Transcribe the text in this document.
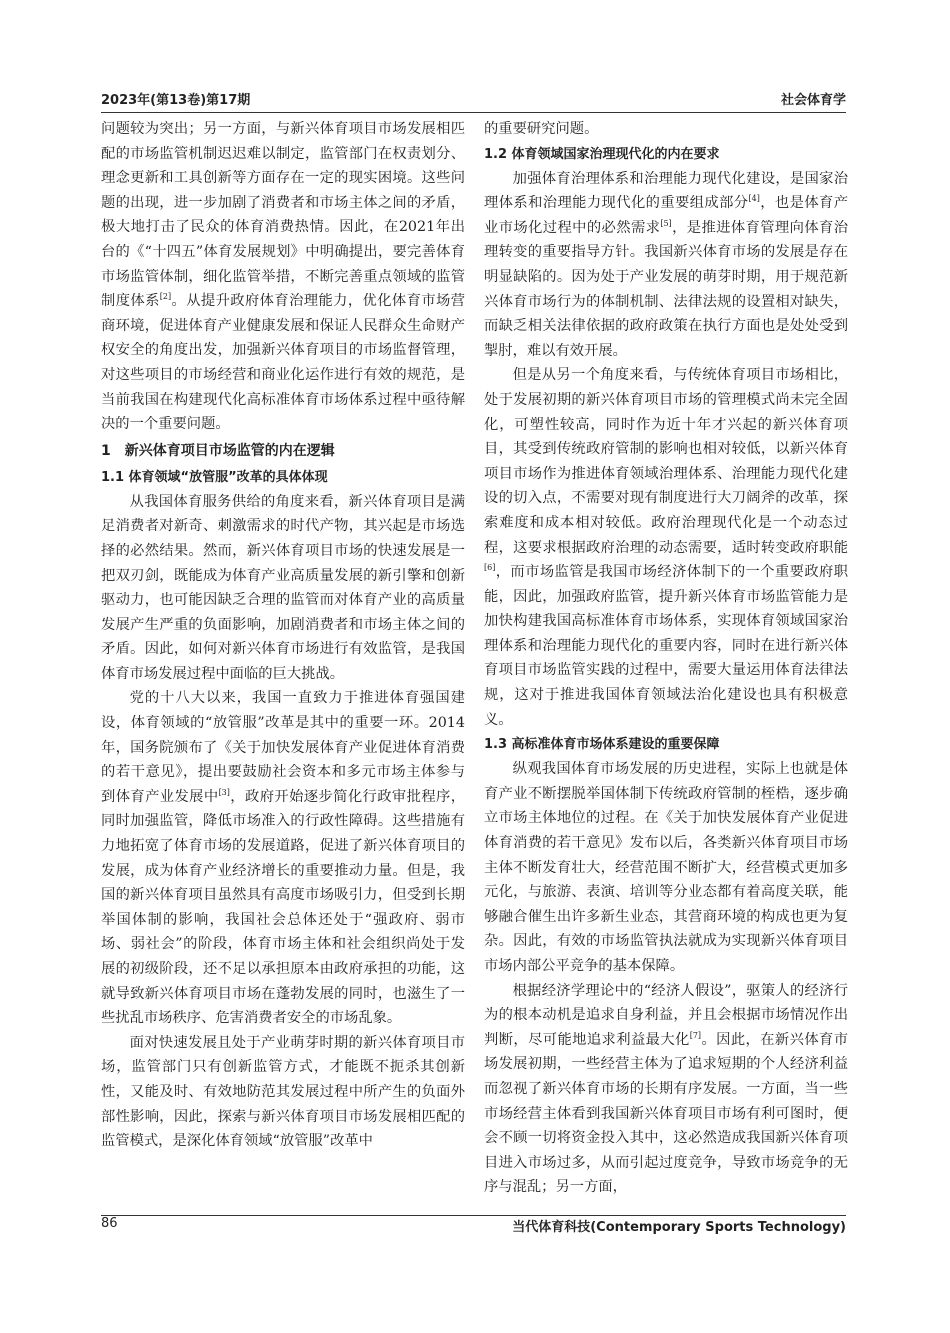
2023年(第13卷)第17期	社会体育学

问题较为突出；另一方面，与新兴体育项目市场发展相匹配的市场监管机制迟迟难以制定，监管部门在权责划分、理念更新和工具创新等方面存在一定的现实困境。这些问题的出现，进一步加剧了消费者和市场主体之间的矛盾，极大地打击了民众的体育消费热情。因此，在2021年出台的《“十四五”体育发展规划》中明确提出，要完善体育市场监管体制，细化监管举措，不断完善重点领域的监管制度体系[2]。从提升政府体育治理能力，优化体育市场营商环境，促进体育产业健康发展和保证人民群众生命财产权安全的角度出发，加强新兴体育项目的市场监督管理，对这些项目的市场经营和商业化运作进行有效的规范，是当前我国在构建现代化高标准体育市场体系过程中亟待解决的一个重要问题。

1　新兴体育项目市场监管的内在逻辑
1.1 体育领域“放管服”改革的具体体现

从我国体育服务供给的角度来看，新兴体育项目是满足消费者对新奇、刺激需求的时代产物，其兴起是市场选择的必然结果。然而，新兴体育项目市场的快速发展是一把双刃剑，既能成为体育产业高质量发展的新引擎和创新驱动力，也可能因缺乏合理的监管而对体育产业的高质量发展产生严重的负面影响，加剧消费者和市场主体之间的矛盾。因此，如何对新兴体育市场进行有效监管，是我国体育市场发展过程中面临的巨大挑战。

党的十八大以来，我国一直致力于推进体育强国建设，体育领域的“放管服”改革是其中的重要一环。2014年，国务院颁布了《关于加快发展体育产业促进体育消费的若干意见》，提出要鼓励社会资本和多元市场主体参与到体育产业发展中[3]，政府开始逐步简化行政审批程序，同时加强监管，降低市场准入的行政性障碍。这些措施有力地拓宽了体育市场的发展道路，促进了新兴体育项目的发展，成为体育产业经济增长的重要推动力量。但是，我国的新兴体育项目虽然具有高度市场吸引力，但受到长期举国体制的影响，我国社会总体还处于“强政府、弱市场、弱社会”的阶段，体育市场主体和社会组织尚处于发展的初级阶段，还不足以承担原本由政府承担的功能，这就导致新兴体育项目市场在蓬勃发展的同时，也滋生了一些扰乱市场秩序、危害消费者安全的市场乱象。

面对快速发展且处于产业萌芽时期的新兴体育项目市场，监管部门只有创新监管方式，才能既不扼杀其创新性，又能及时、有效地防范其发展过程中所产生的负面外部性影响，因此，探索与新兴体育项目市场发展相匹配的监管模式，是深化体育领域“放管服”改革中

的重要研究问题。

1.2 体育领域国家治理现代化的内在要求

加强体育治理体系和治理能力现代化建设，是国家治理体系和治理能力现代化的重要组成部分[4]，也是体育产业市场化过程中的必然需求[5]，是推进体育管理向体育治理转变的重要指导方针。我国新兴体育市场的发展是存在明显缺陷的。因为处于产业发展的萌芽时期，用于规范新兴体育市场行为的体制机制、法律法规的设置相对缺失，而缺乏相关法律依据的政府政策在执行方面也是处处受到掣肘，难以有效开展。

但是从另一个角度来看，与传统体育项目市场相比，处于发展初期的新兴体育项目市场的管理模式尚未完全固化，可塑性较高，同时作为近十年才兴起的新兴体育项目，其受到传统政府管制的影响也相对较低，以新兴体育项目市场作为推进体育领域治理体系、治理能力现代化建设的切入点，不需要对现有制度进行大刀阔斧的改革，探索难度和成本相对较低。政府治理现代化是一个动态过程，这要求根据政府治理的动态需要，适时转变政府职能[6]，而市场监管是我国市场经济体制下的一个重要政府职能，因此，加强政府监管，提升新兴体育市场监管能力是加快构建我国高标准体育市场体系，实现体育领域国家治理体系和治理能力现代化的重要内容，同时在进行新兴体育项目市场监管实践的过程中，需要大量运用体育法律法规，这对于推进我国体育领域法治化建设也具有积极意义。

1.3 高标准体育市场体系建设的重要保障

纵观我国体育市场发展的历史进程，实际上也就是体育产业不断摆脱举国体制下传统政府管制的桎梏，逐步确立市场主体地位的过程。在《关于加快发展体育产业促进体育消费的若干意见》发布以后，各类新兴体育项目市场主体不断发育壮大，经营范围不断扩大，经营模式更加多元化，与旅游、表演、培训等分业态都有着高度关联，能够融合催生出许多新生业态，其营商环境的构成也更为复杂。因此，有效的市场监管执法就成为实现新兴体育项目市场内部公平竞争的基本保障。

根据经济学理论中的“经济人假设”，驱策人的经济行为的根本动机是追求自身利益，并且会根据市场情况作出判断，尽可能地追求利益最大化[7]。因此，在新兴体育市场发展初期，一些经营主体为了追求短期的个人经济利益而忽视了新兴体育市场的长期有序发展。一方面，当一些市场经营主体看到我国新兴体育项目市场有利可图时，便会不顾一切将资金投入其中，这必然造成我国新兴体育项目进入市场过多，从而引起过度竞争，导致市场竞争的无序与混乱；另一方面，

86	当代体育科技(Contemporary Sports Technology)
